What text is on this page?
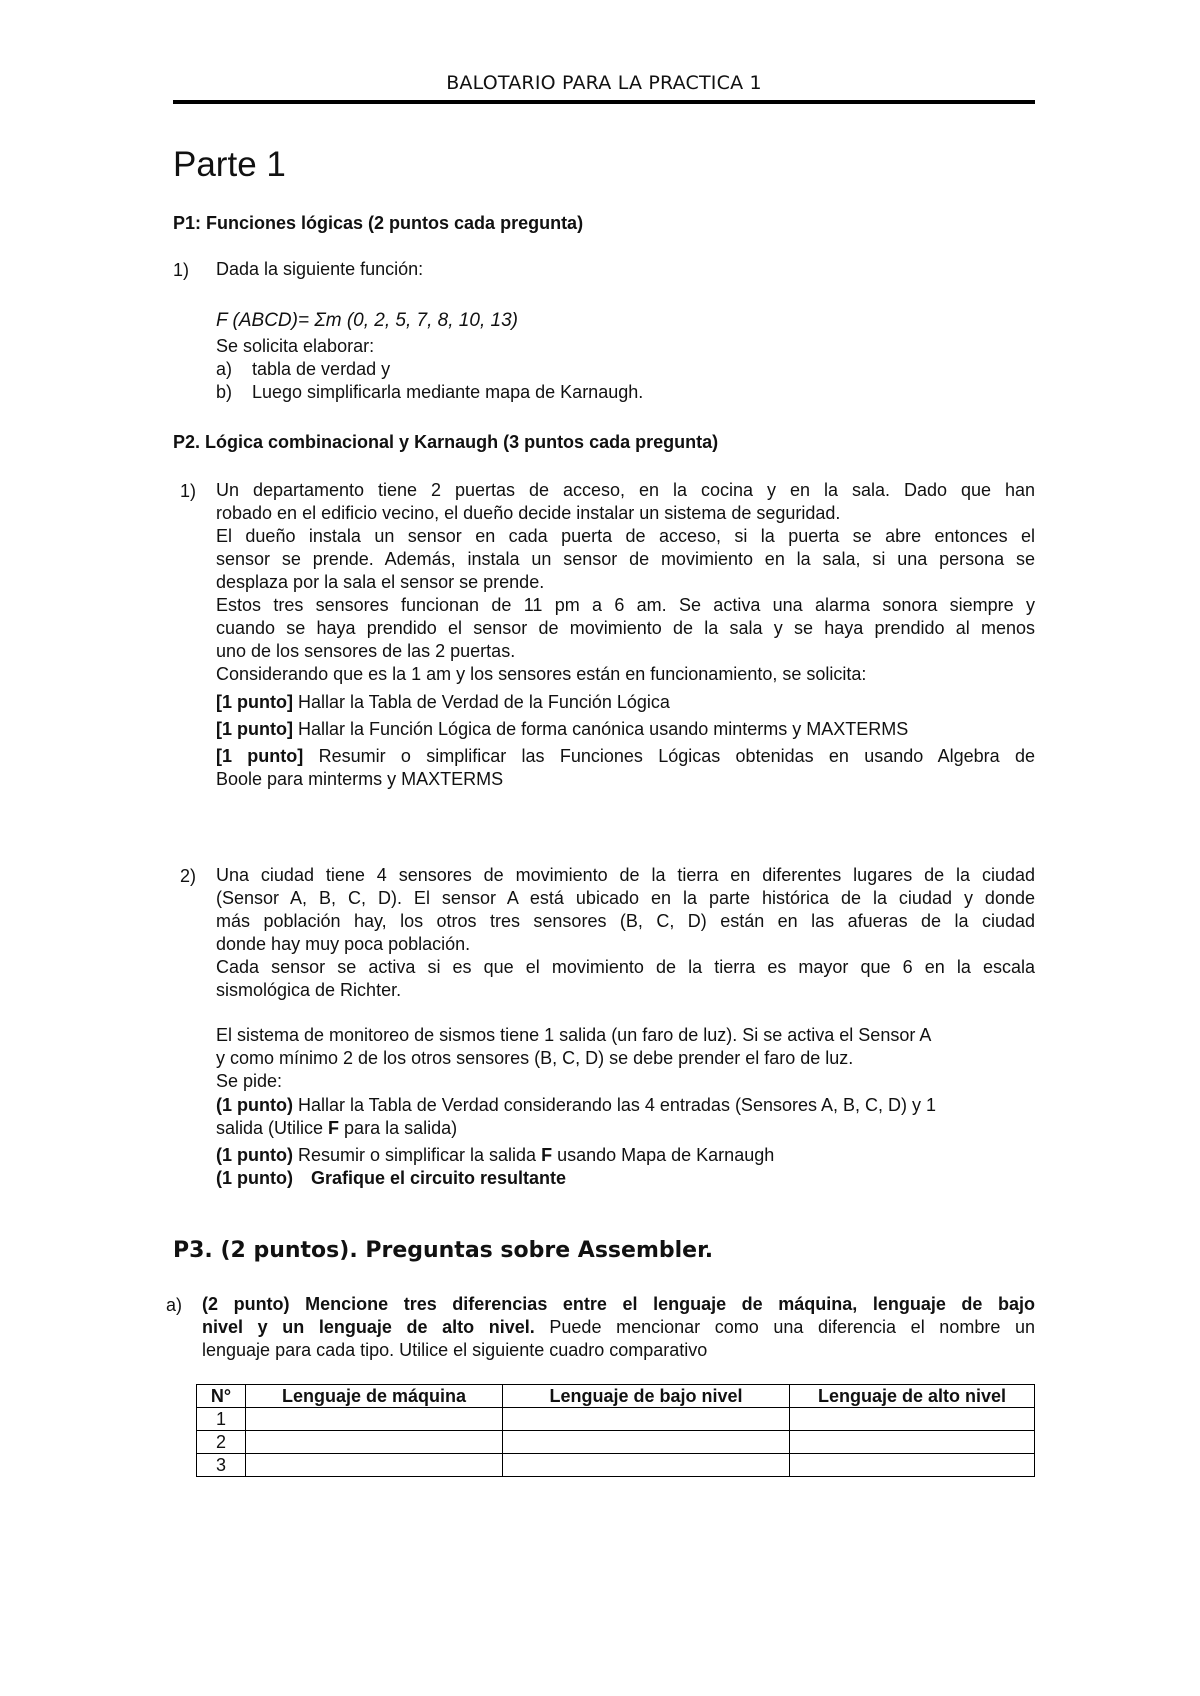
BALOTARIO PARA LA PRACTICA 1
Parte 1
P1: Funciones lógicas (2 puntos cada pregunta)
1) Dada la siguiente función:
F (ABCD)= Σm (0, 2, 5, 7, 8, 10, 13)
Se solicita elaborar:
a) tabla de verdad y
b) Luego simplificarla mediante mapa de Karnaugh.
P2. Lógica combinacional y Karnaugh (3 puntos cada pregunta)
1) Un departamento tiene 2 puertas de acceso, en la cocina y en la sala. Dado que han
robado en el edificio vecino, el dueño decide instalar un sistema de seguridad.
El dueño instala un sensor en cada puerta de acceso, si la puerta se abre entonces el
sensor se prende. Además, instala un sensor de movimiento en la sala, si una persona se
desplaza por la sala el sensor se prende.
Estos tres sensores funcionan de 11 pm a 6 am. Se activa una alarma sonora siempre y
cuando se haya prendido el sensor de movimiento de la sala y se haya prendido al menos
uno de los sensores de las 2 puertas.
Considerando que es la 1 am y los sensores están en funcionamiento, se solicita:
[1 punto] Hallar la Tabla de Verdad de la Función Lógica
[1 punto] Hallar la Función Lógica de forma canónica usando minterms y MAXTERMS
[1 punto] Resumir o simplificar las Funciones Lógicas obtenidas en usando Algebra de
Boole para minterms y MAXTERMS
2) Una ciudad tiene 4 sensores de movimiento de la tierra en diferentes lugares de la ciudad
(Sensor A, B, C, D). El sensor A está ubicado en la parte histórica de la ciudad y donde
más población hay, los otros tres sensores (B, C, D) están en las afueras de la ciudad
donde hay muy poca población.
Cada sensor se activa si es que el movimiento de la tierra es mayor que 6 en la escala
sismológica de Richter.
El sistema de monitoreo de sismos tiene 1 salida (un faro de luz). Si se activa el Sensor A
y como mínimo 2 de los otros sensores (B, C, D) se debe prender el faro de luz.
Se pide:
(1 punto) Hallar la Tabla de Verdad considerando las 4 entradas (Sensores A, B, C, D) y 1
salida (Utilice F para la salida)
(1 punto) Resumir o simplificar la salida F usando Mapa de Karnaugh
(1 punto) Grafique el circuito resultante
P3. (2 puntos). Preguntas sobre Assembler.
a) (2 punto) Mencione tres diferencias entre el lenguaje de máquina, lenguaje de bajo
nivel y un lenguaje de alto nivel. Puede mencionar como una diferencia el nombre un
lenguaje para cada tipo. Utilice el siguiente cuadro comparativo
N°	Lenguaje de máquina	Lenguaje de bajo nivel	Lenguaje de alto nivel
1			
2			
3			
